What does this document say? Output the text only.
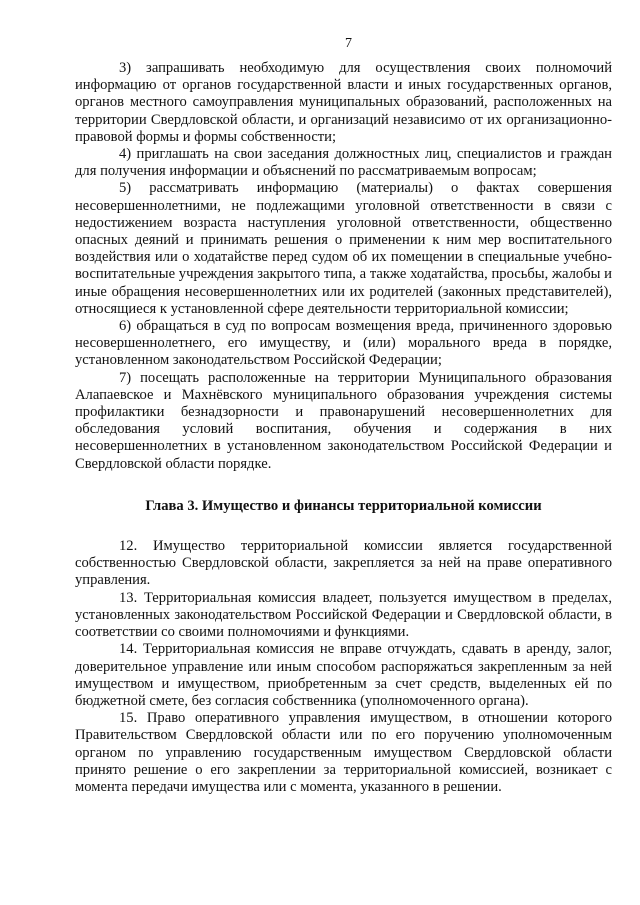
7

3) запрашивать необходимую для осуществления своих полномочий информацию от органов государственной власти и иных государственных органов, органов местного самоуправления муниципальных образований, расположенных на территории Свердловской области, и организаций независимо от их организационно-правовой формы и формы собственности;

4) приглашать на свои заседания должностных лиц, специалистов и граждан для получения информации и объяснений по рассматриваемым вопросам;

5) рассматривать информацию (материалы) о фактах совершения несовершеннолетними, не подлежащими уголовной ответственности в связи с недостижением возраста наступления уголовной ответственности, общественно опасных деяний и принимать решения о применении к ним мер воспитательного воздействия или о ходатайстве перед судом об их помещении в специальные учебно-воспитательные учреждения закрытого типа, а также ходатайства, просьбы, жалобы и иные обращения несовершеннолетних или их родителей (законных представителей), относящиеся к установленной сфере деятельности территориальной комиссии;

6) обращаться в суд по вопросам возмещения вреда, причиненного здоровью несовершеннолетнего, его имуществу, и (или) морального вреда в порядке, установленном законодательством Российской Федерации;

7) посещать расположенные на территории Муниципального образования Алапаевское и Махнёвского муниципального образования учреждения системы профилактики безнадзорности и правонарушений несовершеннолетних для обследования условий воспитания, обучения и содержания в них несовершеннолетних в установленном законодательством Российской Федерации и Свердловской области порядке.

Глава 3. Имущество и финансы территориальной комиссии

12. Имущество территориальной комиссии является государственной собственностью Свердловской области, закрепляется за ней на праве оперативного управления.

13. Территориальная комиссия владеет, пользуется имуществом в пределах, установленных законодательством Российской Федерации и Свердловской области, в соответствии со своими полномочиями и функциями.

14. Территориальная комиссия не вправе отчуждать, сдавать в аренду, залог, доверительное управление или иным способом распоряжаться закрепленным за ней имуществом и имуществом, приобретенным за счет средств, выделенных ей по бюджетной смете, без согласия собственника (уполномоченного органа).

15. Право оперативного управления имуществом, в отношении которого Правительством Свердловской области или по его поручению уполномоченным органом по управлению государственным имуществом Свердловской области принято решение о его закреплении за территориальной комиссией, возникает с момента передачи имущества или с момента, указанного в решении.
